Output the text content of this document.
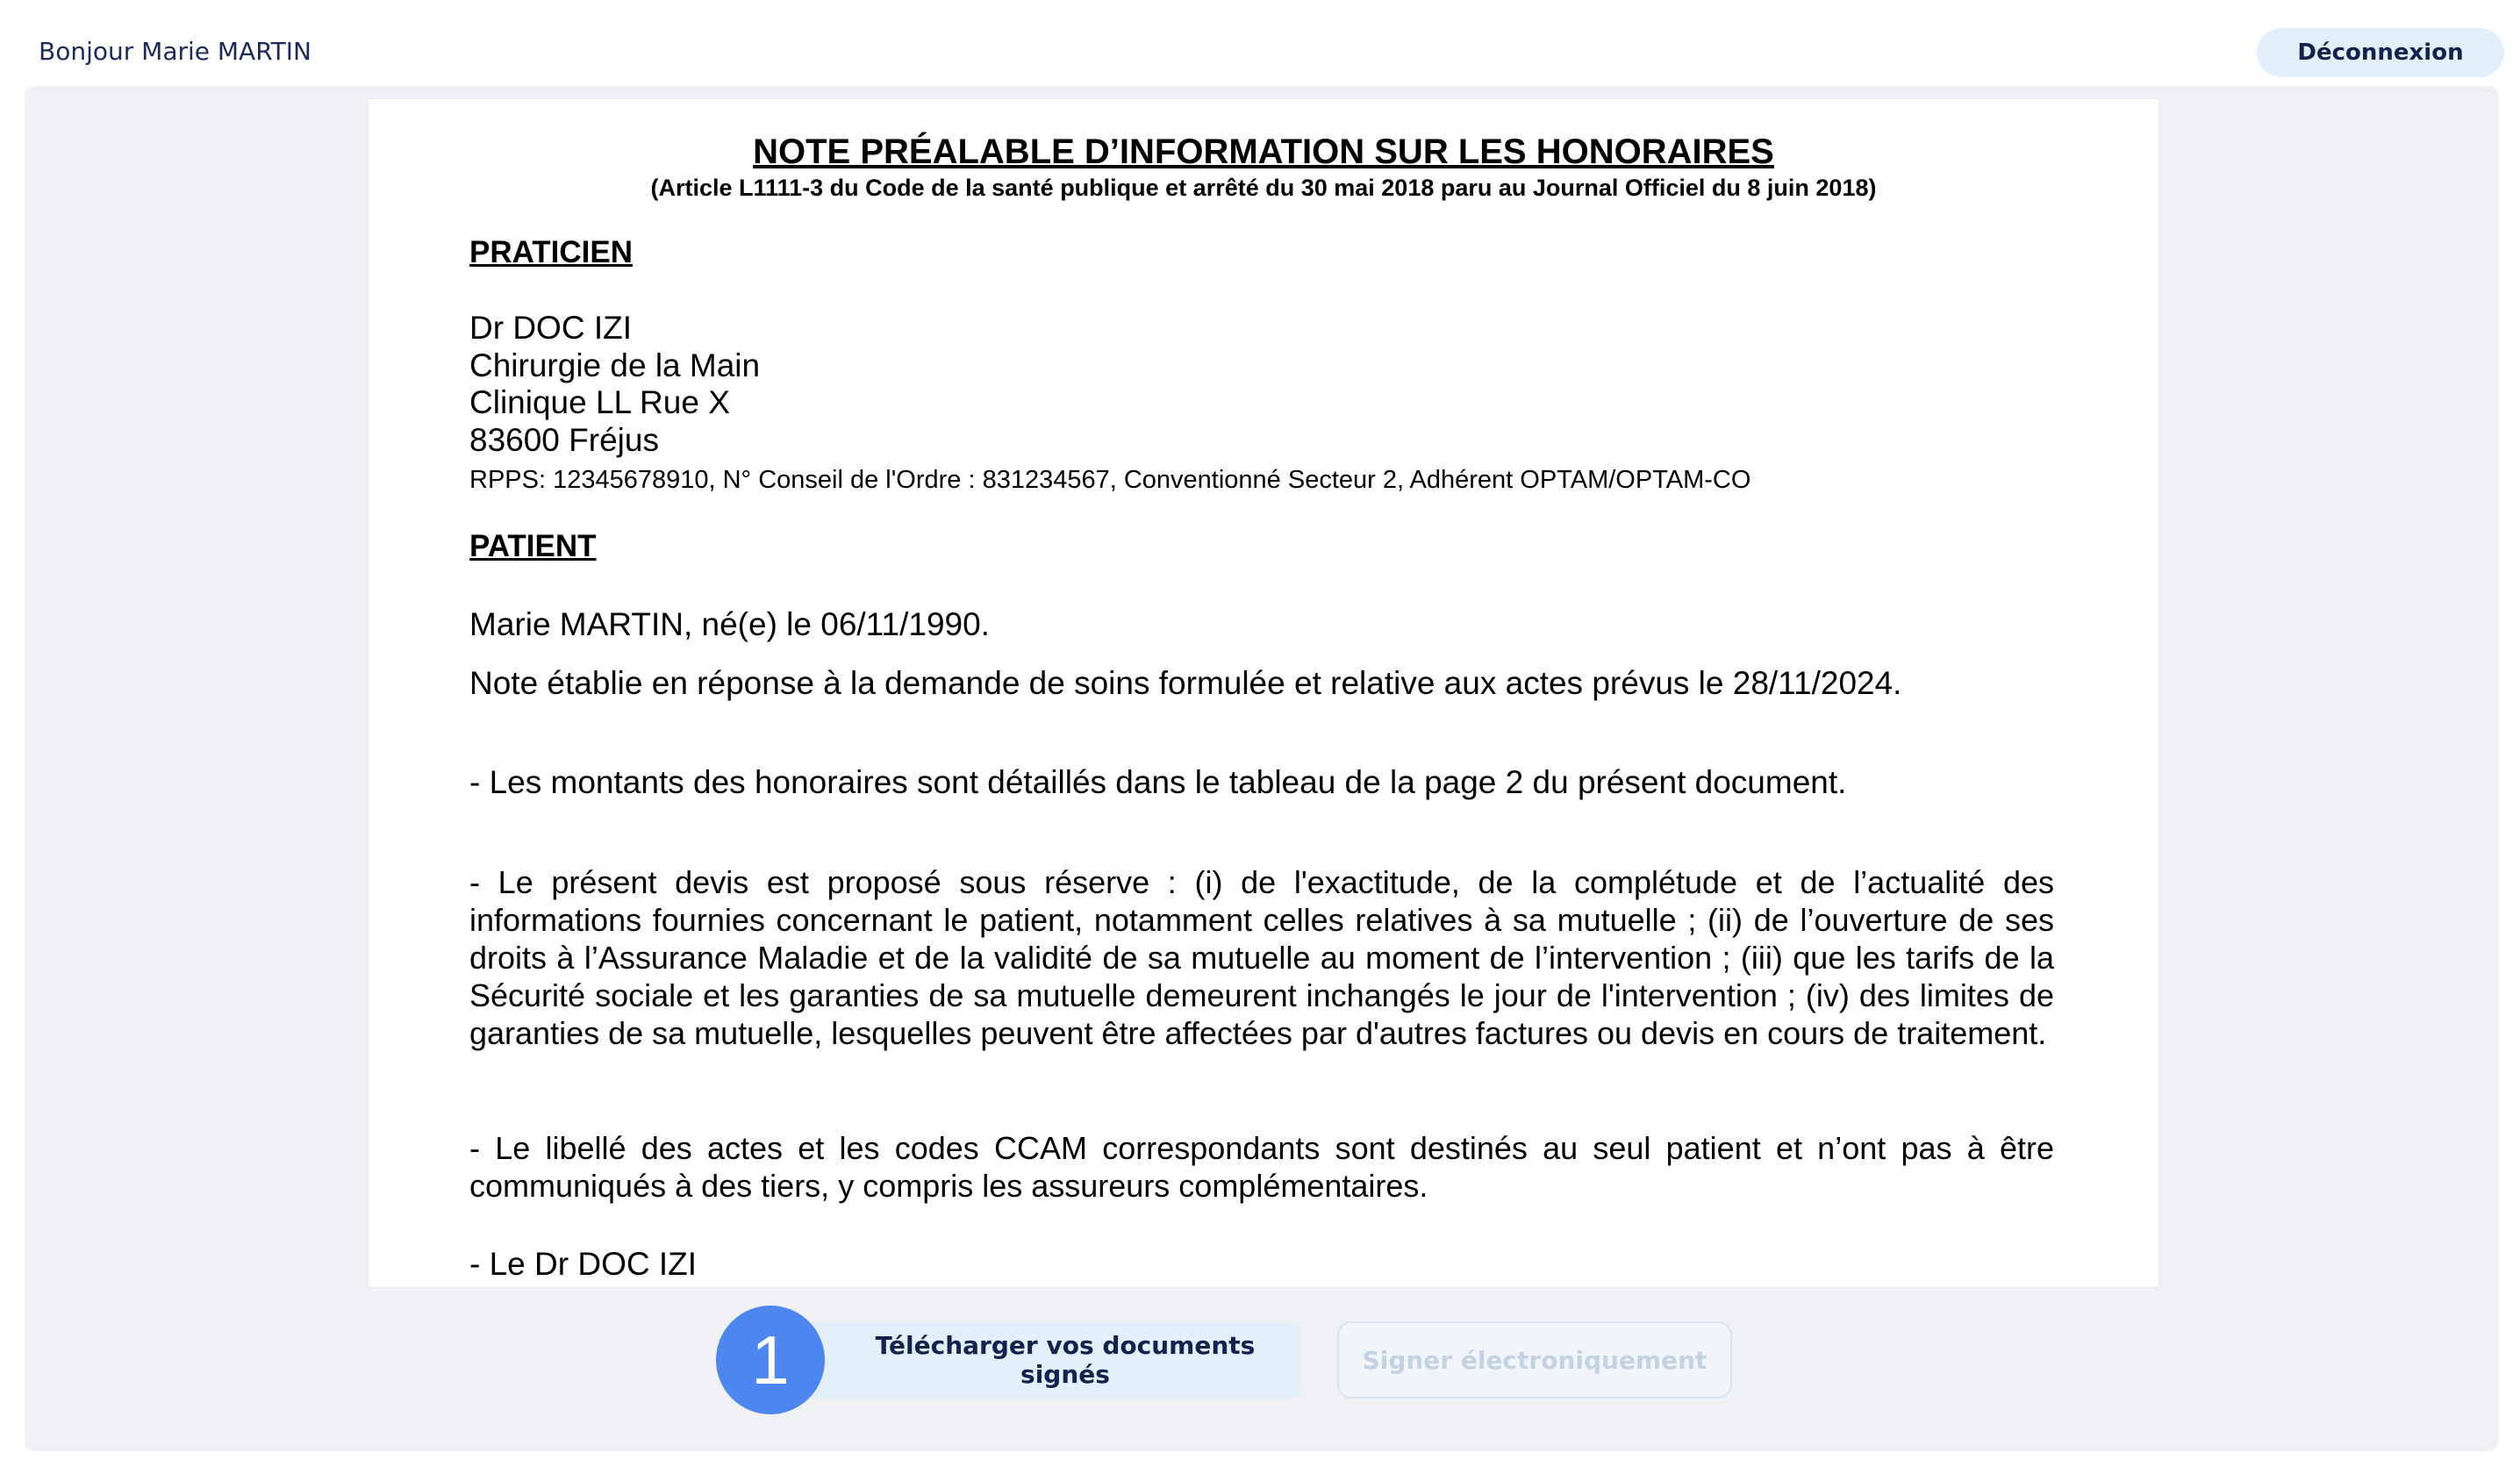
Bonjour Marie MARTIN	Déconnexion
NOTE PRÉALABLE D’INFORMATION SUR LES HONORAIRES
(Article L1111-3 du Code de la santé publique et arrêté du 30 mai 2018 paru au Journal Officiel du 8 juin 2018)
PRATICIEN
Dr DOC IZI
Chirurgie de la Main
Clinique LL Rue X
83600 Fréjus
RPPS: 12345678910, N° Conseil de l'Ordre : 831234567, Conventionné Secteur 2, Adhérent OPTAM/OPTAM-CO
PATIENT
Marie MARTIN, né(e) le 06/11/1990.
Note établie en réponse à la demande de soins formulée et relative aux actes prévus le 28/11/2024.
- Les montants des honoraires sont détaillés dans le tableau de la page 2 du présent document.
- Le présent devis est proposé sous réserve : (i) de l'exactitude, de la complétude et de l’actualité des informations fournies concernant le patient, notamment celles relatives à sa mutuelle ; (ii) de l’ouverture de ses droits à l’Assurance Maladie et de la validité de sa mutuelle au moment de l’intervention ; (iii) que les tarifs de la Sécurité sociale et les garanties de sa mutuelle demeurent inchangés le jour de l'intervention ; (iv) des limites de garanties de sa mutuelle, lesquelles peuvent être affectées par d'autres factures ou devis en cours de traitement.
- Le libellé des actes et les codes CCAM correspondants sont destinés au seul patient et n’ont pas à être communiqués à des tiers, y compris les assureurs complémentaires.
- Le Dr DOC IZI
1	Télécharger vos documents signés	Signer électroniquement
